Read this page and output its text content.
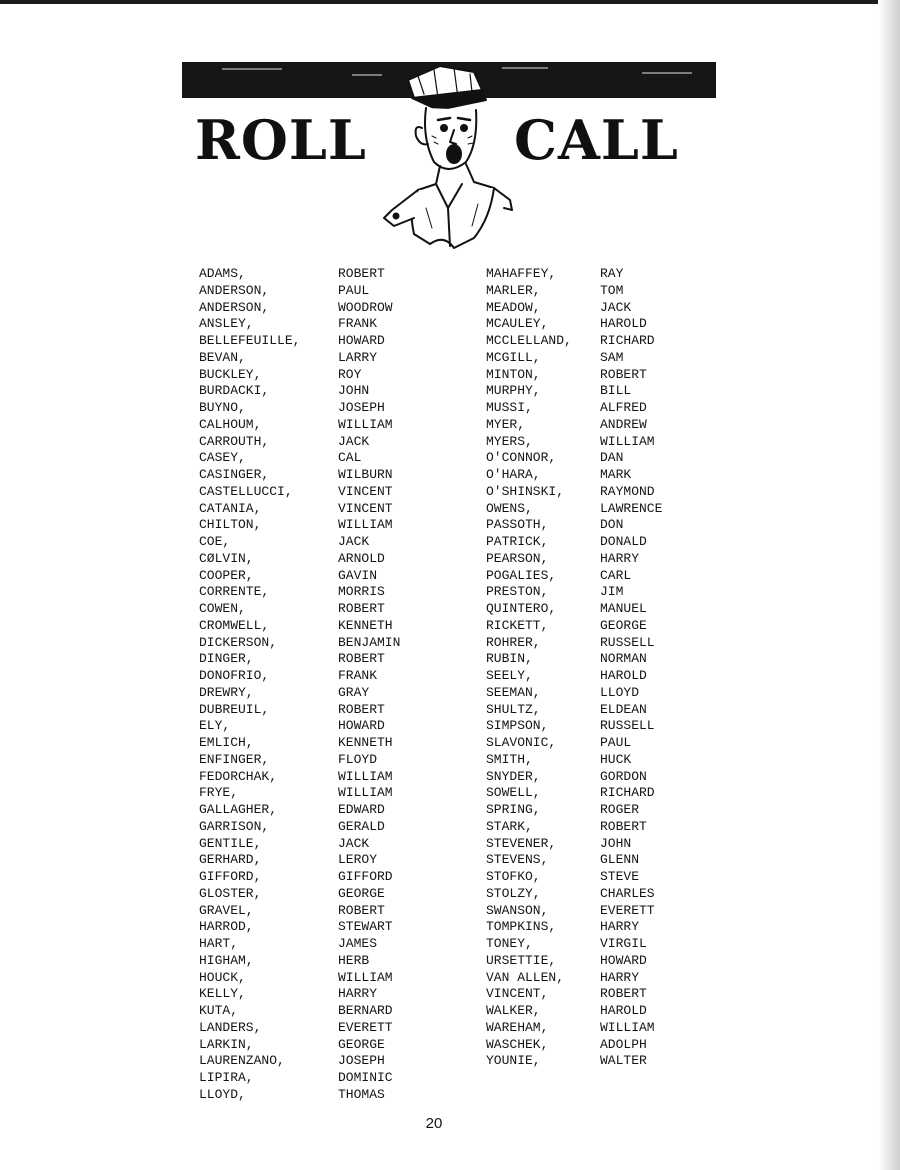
ROLL	CALL
ADAMS,
ANDERSON,
ANDERSON,
ANSLEY,
BELLEFEUILLE,
BEVAN,
BUCKLEY,
BURDACKI,
BUYNO,
CALHOUM,
CARROUTH,
CASEY,
CASINGER,
CASTELLUCCI,
CATANIA,
CHILTON,
COE,
CØLVIN,
COOPER,
CORRENTE,
COWEN,
CROMWELL,
DICKERSON,
DINGER,
DONOFRIO,
DREWRY,
DUBREUIL,
ELY,
EMLICH,
ENFINGER,
FEDORCHAK,
FRYE,
GALLAGHER,
GARRISON,
GENTILE,
GERHARD,
GIFFORD,
GLOSTER,
GRAVEL,
HARROD,
HART,
HIGHAM,
HOUCK,
KELLY,
KUTA,
LANDERS,
LARKIN,
LAURENZANO,
LIPIRA,
LLOYD,
ROBERT
PAUL
WOODROW
FRANK
HOWARD
LARRY
ROY
JOHN
JOSEPH
WILLIAM
JACK
CAL
WILBURN
VINCENT
VINCENT
WILLIAM
JACK
ARNOLD
GAVIN
MORRIS
ROBERT
KENNETH
BENJAMIN
ROBERT
FRANK
GRAY
ROBERT
HOWARD
KENNETH
FLOYD
WILLIAM
WILLIAM
EDWARD
GERALD
JACK
LEROY
GIFFORD
GEORGE
ROBERT
STEWART
JAMES
HERB
WILLIAM
HARRY
BERNARD
EVERETT
GEORGE
JOSEPH
DOMINIC
THOMAS
MAHAFFEY,
MARLER,
MEADOW,
MCAULEY,
MCCLELLAND,
MCGILL,
MINTON,
MURPHY,
MUSSI,
MYER,
MYERS,
O'CONNOR,
O'HARA,
O'SHINSKI,
OWENS,
PASSOTH,
PATRICK,
PEARSON,
POGALIES,
PRESTON,
QUINTERO,
RICKETT,
ROHRER,
RUBIN,
SEELY,
SEEMAN,
SHULTZ,
SIMPSON,
SLAVONIC,
SMITH,
SNYDER,
SOWELL,
SPRING,
STARK,
STEVENER,
STEVENS,
STOFKO,
STOLZY,
SWANSON,
TOMPKINS,
TONEY,
URSETTIE,
VAN ALLEN,
VINCENT,
WALKER,
WAREHAM,
WASCHEK,
YOUNIE,
RAY
TOM
JACK
HAROLD
RICHARD
SAM
ROBERT
BILL
ALFRED
ANDREW
WILLIAM
DAN
MARK
RAYMOND
LAWRENCE
DON
DONALD
HARRY
CARL
JIM
MANUEL
GEORGE
RUSSELL
NORMAN
HAROLD
LLOYD
ELDEAN
RUSSELL
PAUL
HUCK
GORDON
RICHARD
ROGER
ROBERT
JOHN
GLENN
STEVE
CHARLES
EVERETT
HARRY
VIRGIL
HOWARD
HARRY
ROBERT
HAROLD
WILLIAM
ADOLPH
WALTER
20
